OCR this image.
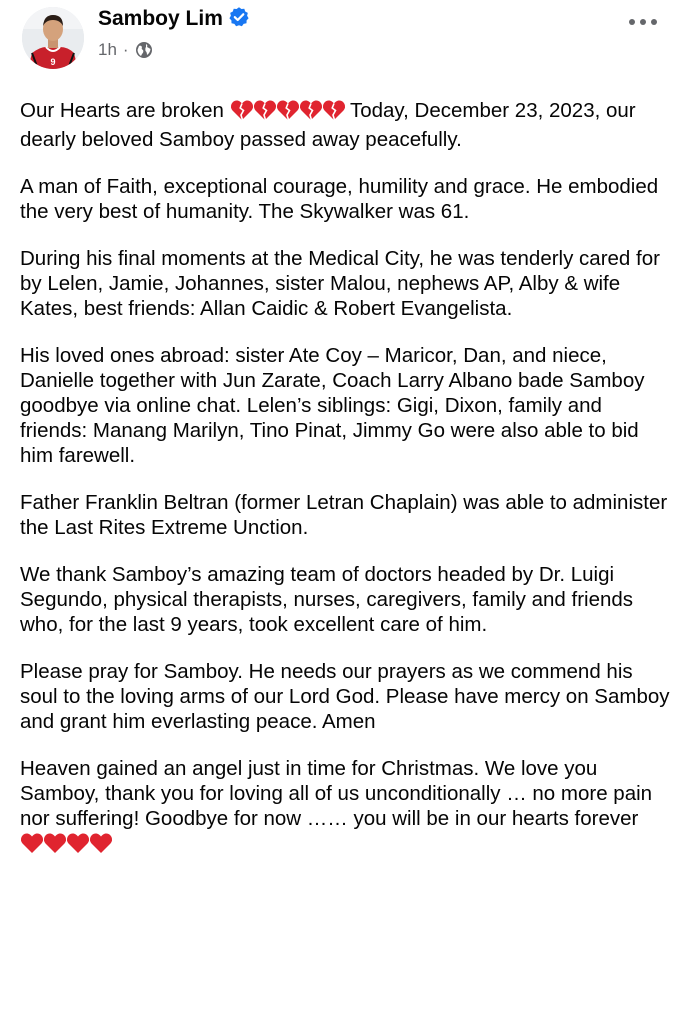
9
Samboy Lim
1h ·

Our Hearts are broken	Today, December 23, 2023, our dearly beloved Samboy passed away peacefully.

A man of Faith, exceptional courage, humility and grace. He embodied the very best of humanity. The Skywalker was 61.

During his final moments at the Medical City, he was tenderly cared for by Lelen, Jamie, Johannes, sister Malou, nephews AP, Alby & wife Kates, best friends: Allan Caidic & Robert Evangelista.

His loved ones abroad: sister Ate Coy – Maricor, Dan, and niece, Danielle together with Jun Zarate, Coach Larry Albano bade Samboy goodbye via online chat. Lelen’s siblings: Gigi, Dixon, family and friends: Manang Marilyn, Tino Pinat, Jimmy Go were also able to bid him farewell.

Father Franklin Beltran (former Letran Chaplain) was able to administer the Last Rites Extreme Unction.

We thank Samboy’s amazing team of doctors headed by Dr. Luigi Segundo, physical therapists, nurses, caregivers, family and friends who, for the last 9 years, took excellent care of him.

Please pray for Samboy. He needs our prayers as we commend his soul to the loving arms of our Lord God. Please have mercy on Samboy and grant him everlasting peace. Amen

Heaven gained an angel just in time for Christmas. We love you Samboy, thank you for loving all of us unconditionally … no more pain nor suffering! Goodbye for now …… you will be in our hearts forever
